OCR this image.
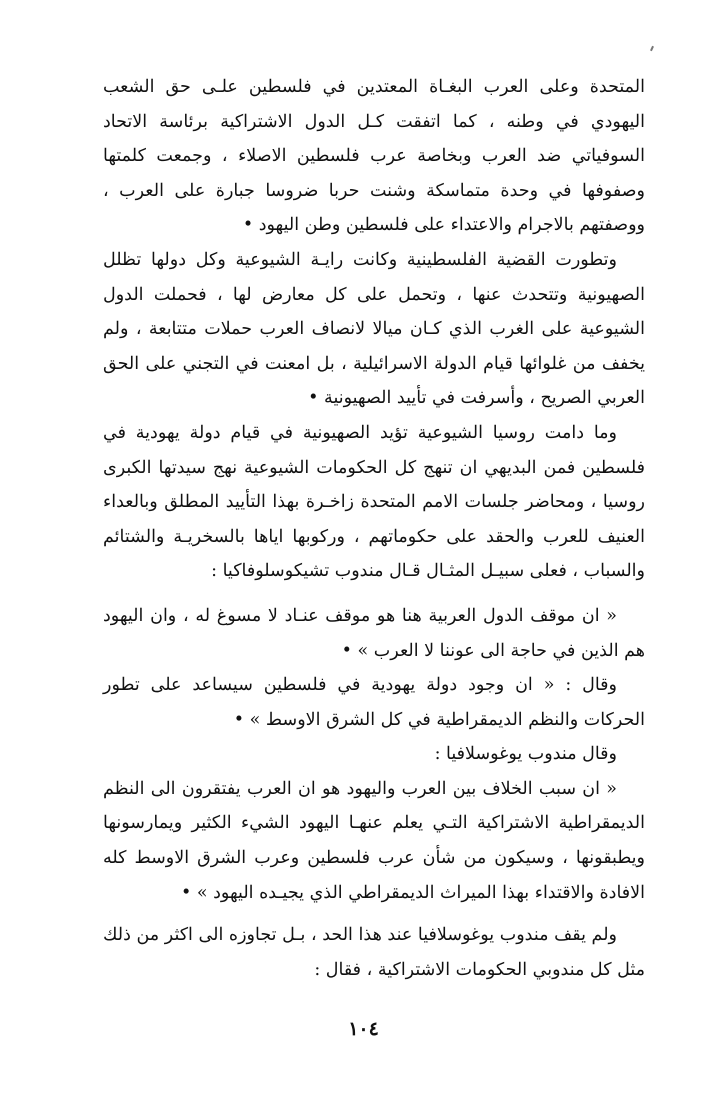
المتحدة وعلى العرب البغـاة المعتدين في فلسطين علـى حق الشعب اليهودي في وطنه ، كما اتفقت كـل الدول الاشتراكية برئاسة الاتحاد السوفياتي ضد العرب وبخاصة عرب فلسطين الاصلاء ، وجمعت كلمتها وصفوفها في وحدة متماسكة وشنت حربا ضروسا جبارة على العرب ، ووصفتهم بالاجرام والاعتداء على فلسطين وطن اليهود •

وتطورت القضية الفلسطينية وكانت رايـة الشيوعية وكل دولها تظلل الصهيونية وتتحدث عنها ، وتحمل على كل معارض لها ، فحملت الدول الشيوعية على الغرب الذي كـان ميالا لانصاف العرب حملات متتابعة ، ولم يخفف من غلوائها قيام الدولة الاسرائيلية ، بل امعنت في التجني على الحق العربي الصريح ، وأسرفت في تأييد الصهيونية •

وما دامت روسيا الشيوعية تؤيد الصهيونية في قيام دولة يهودية في فلسطين فمن البديهي ان تنهج كل الحكومات الشيوعية نهج سيدتها الكبرى روسيا ، ومحاضر جلسات الامم المتحدة زاخـرة بهذا التأييد المطلق وبالعداء العنيف للعرب والحقد على حكوماتهم ، وركوبها اياها بالسخريـة والشتائم والسباب ، فعلى سبيـل المثـال قـال مندوب تشيكوسلوفاكيا :

« ان موقف الدول العربية هنا هو موقف عنـاد لا مسوغ له ، وان اليهود هم الذين في حاجة الى عوننا لا العرب » •

وقال : « ان وجود دولة يهودية في فلسطين سيساعد على تطور الحركات والنظم الديمقراطية في كل الشرق الاوسط » •

وقال مندوب يوغوسلافيا :

« ان سبب الخلاف بين العرب واليهود هو ان العرب يفتقرون الى النظم الديمقراطية الاشتراكية التـي يعلم عنهـا اليهود الشيء الكثير ويمارسونها ويطبقونها ، وسيكون من شأن عرب فلسطين وعرب الشرق الاوسط كله الافادة والاقتداء بهذا الميراث الديمقراطي الذي يجيـده اليهود » •

ولم يقف مندوب يوغوسلافيا عند هذا الحد ، بـل تجاوزه الى اكثر من ذلك مثل كل مندوبي الحكومات الاشتراكية ، فقال :

١٠٤
